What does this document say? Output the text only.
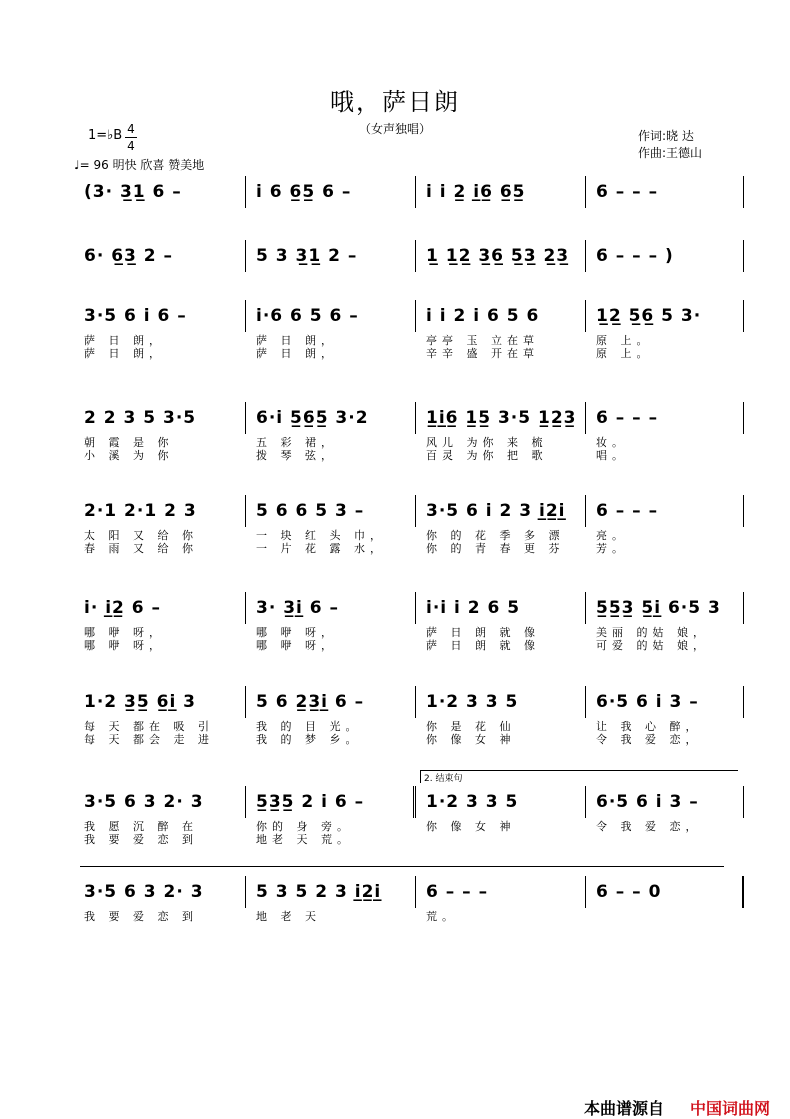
哦，萨日朗
（女声独唱）
1=♭B 4
4
♩= 96 明快 欣喜 赞美地
作词:晓 达
作曲:王德山
(3· 3̲1̲ 6 –	i 6 6̲5̲ 6 –	i i 2̲ i̲6̲ 6̲5̲	6 – – –
6· 6̲3̲ 2 –	5 3 3̲1̲ 2 –	1̲ 1̲2̲ 3̲6̲ 5̲3̲ 2̲3̲	6 – – – )
3·5 6 i 6 –	i·6 6 5 6 –	i i 2 i 6 5 6	1̲2̲ 5̲6̲ 5 3·
萨 日 朗，	萨 日 朗，	亭亭 玉 立在草	原 上。
萨 日 朗，	萨 日 朗，	辛辛 盛 开在草	原 上。
2 2 3 5 3·5	6·i 5̲6̲5̲ 3·2	1̲i̲6̲ 1̲5̲ 3·5 1̲2̲3̲	6 – – –
朝 霞 是 你	五 彩 裙，	风儿 为你 来 梳	妆。
小 溪 为 你	拨 琴 弦，	百灵 为你 把 歌	唱。
2·1 2·1 2 3	5 6 6 5 3 –	3·5 6 i 2 3 i̲2̲i̲	6 – – –
太 阳 又 给 你	一 块 红 头 巾，	你 的 花 季 多 漂	亮。
春 雨 又 给 你	一 片 花 露 水，	你 的 青 春 更 芬	芳。
i· i̲2̲ 6 –	3· 3̲i̲ 6 –	i·i i 2 6 5	5̲5̲3̲ 5̲i̲ 6·5 3
哪 咿 呀，	哪 咿 呀，	萨 日 朗 就 像	美丽 的姑 娘，
哪 咿 呀，	哪 咿 呀，	萨 日 朗 就 像	可爱 的姑 娘，
1·2 3̲5̲ 6̲i̲ 3	5 6 2̲3̲i̲ 6 –	1·2 3 3 5	6·5 6 i 3 –
每 天 都在 吸 引	我 的 目 光。	你 是 花 仙	让 我 心 醉，
每 天 都会 走 进	我 的 梦 乡。	你 像 女 神	令 我 爱 恋，
3·5 6 3 2· 3	5̲3̲5̲ 2 i 6 –	1·2 3 3 5	6·5 6 i 3 –
我 愿 沉 醉 在	你的 身 旁。	你 像 女 神	令 我 爱 恋，
我 要 爱 恋 到	地老 天 荒。
3·5 6 3 2· 3	5 3 5 2 3 i̲2̲i̲	6 – – –	6 – – 0
我 要 爱 恋 到	地 老 天	荒。
2. 结束句
本曲谱源自 中国词曲网
